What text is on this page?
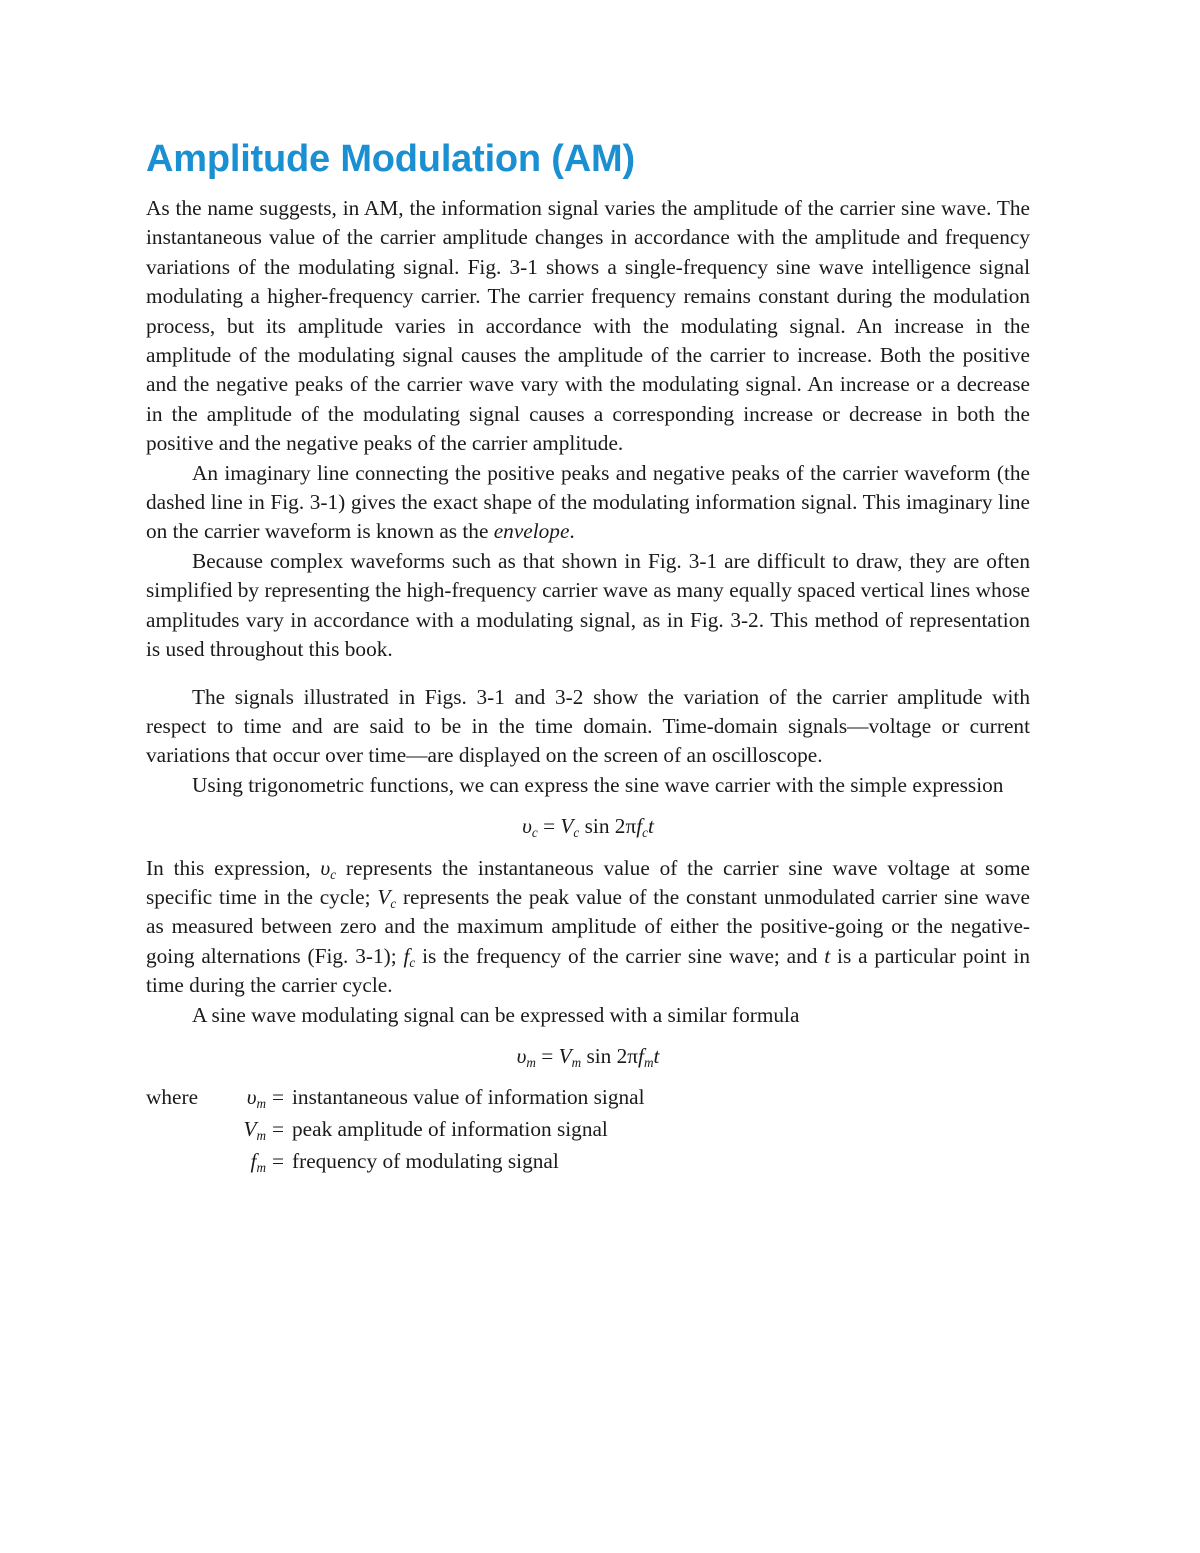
Amplitude Modulation (AM)

As the name suggests, in AM, the information signal varies the amplitude of the carrier sine wave. The instantaneous value of the carrier amplitude changes in accordance with the amplitude and frequency variations of the modulating signal. Fig. 3-1 shows a single-frequency sine wave intelligence signal modulating a higher-frequency carrier. The carrier frequency remains constant during the modulation process, but its amplitude varies in accordance with the modulating signal. An increase in the amplitude of the modulating signal causes the amplitude of the carrier to increase. Both the positive and the negative peaks of the carrier wave vary with the modulating signal. An increase or a decrease in the amplitude of the modulating signal causes a corresponding increase or decrease in both the positive and the negative peaks of the carrier amplitude.

An imaginary line connecting the positive peaks and negative peaks of the carrier waveform (the dashed line in Fig. 3-1) gives the exact shape of the modulating information signal. This imaginary line on the carrier waveform is known as the envelope.

Because complex waveforms such as that shown in Fig. 3-1 are difficult to draw, they are often simplified by representing the high-frequency carrier wave as many equally spaced vertical lines whose amplitudes vary in accordance with a modulating signal, as in Fig. 3-2. This method of representation is used throughout this book.

The signals illustrated in Figs. 3-1 and 3-2 show the variation of the carrier amplitude with respect to time and are said to be in the time domain. Time-domain signals—voltage or current variations that occur over time—are displayed on the screen of an oscilloscope.

Using trigonometric functions, we can express the sine wave carrier with the simple expression

$\upsilon_c = V_c$ $\sin 2\pi f_ct$

In this expression, $\upsilon_c$ represents the instantaneous value of the carrier sine wave voltage at some specific time in the cycle; $V_c$ represents the peak value of the constant unmodulated carrier sine wave as measured between zero and the maximum amplitude of either the positive-going or the negative-going alternations (Fig. 3-1); $f_c$ is the frequency of the carrier sine wave; and t is a particular point in time during the carrier cycle.

A sine wave modulating signal can be expressed with a similar formula

$\upsilon_m = V_m$ $\sin 2\pi f_mt$
where	$\upsilon_m$ = instantaneous value of information signal
$V_m$ = peak amplitude of information signal
$f_m$ = frequency of modulating signal
